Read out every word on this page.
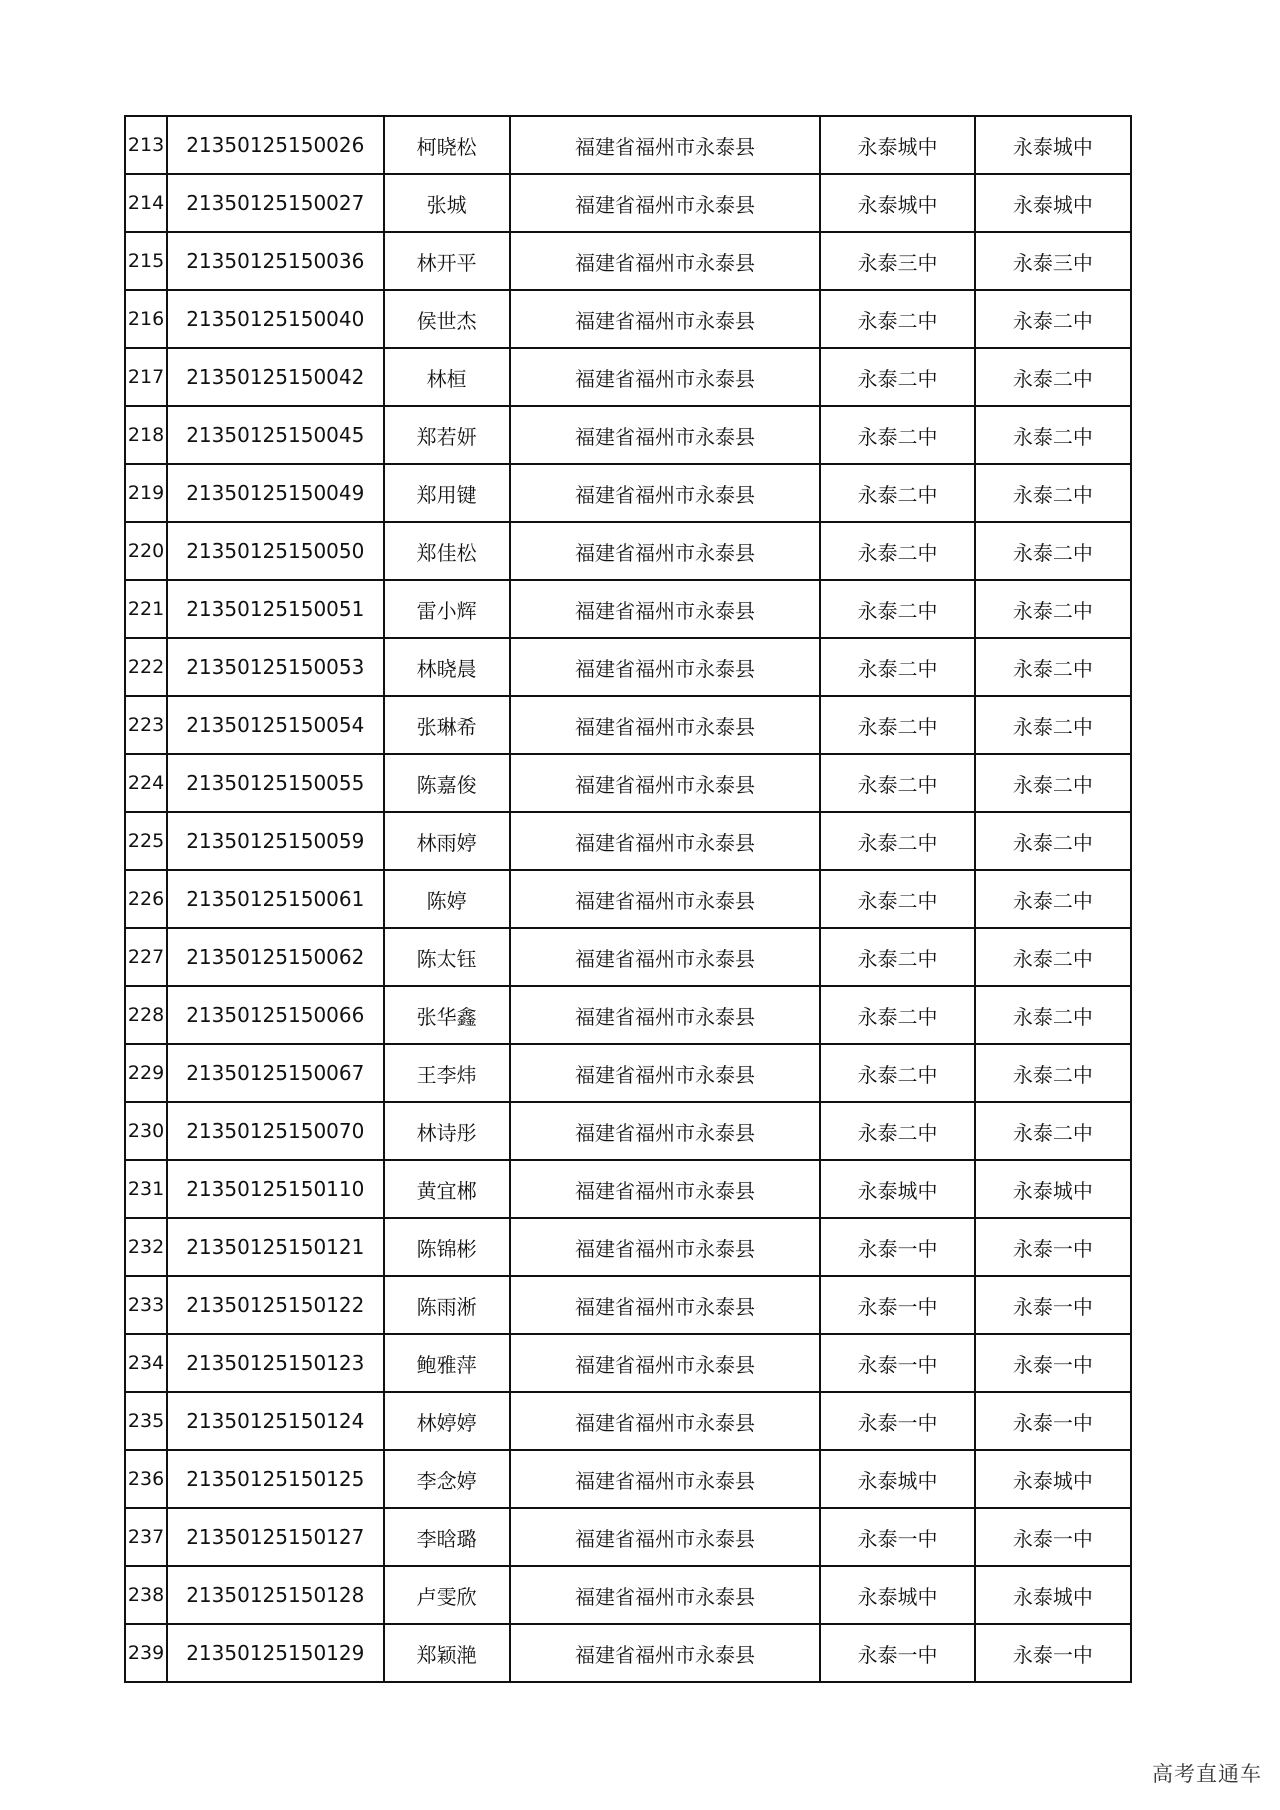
213	21350125150026	柯晓松	福建省福州市永泰县	永泰城中	永泰城中
214	21350125150027	张城	福建省福州市永泰县	永泰城中	永泰城中
215	21350125150036	林开平	福建省福州市永泰县	永泰三中	永泰三中
216	21350125150040	侯世杰	福建省福州市永泰县	永泰二中	永泰二中
217	21350125150042	林桓	福建省福州市永泰县	永泰二中	永泰二中
218	21350125150045	郑若妍	福建省福州市永泰县	永泰二中	永泰二中
219	21350125150049	郑用键	福建省福州市永泰县	永泰二中	永泰二中
220	21350125150050	郑佳松	福建省福州市永泰县	永泰二中	永泰二中
221	21350125150051	雷小辉	福建省福州市永泰县	永泰二中	永泰二中
222	21350125150053	林晓晨	福建省福州市永泰县	永泰二中	永泰二中
223	21350125150054	张琳希	福建省福州市永泰县	永泰二中	永泰二中
224	21350125150055	陈嘉俊	福建省福州市永泰县	永泰二中	永泰二中
225	21350125150059	林雨婷	福建省福州市永泰县	永泰二中	永泰二中
226	21350125150061	陈婷	福建省福州市永泰县	永泰二中	永泰二中
227	21350125150062	陈太钰	福建省福州市永泰县	永泰二中	永泰二中
228	21350125150066	张华鑫	福建省福州市永泰县	永泰二中	永泰二中
229	21350125150067	王李炜	福建省福州市永泰县	永泰二中	永泰二中
230	21350125150070	林诗彤	福建省福州市永泰县	永泰二中	永泰二中
231	21350125150110	黄宜郴	福建省福州市永泰县	永泰城中	永泰城中
232	21350125150121	陈锦彬	福建省福州市永泰县	永泰一中	永泰一中
233	21350125150122	陈雨淅	福建省福州市永泰县	永泰一中	永泰一中
234	21350125150123	鲍雅萍	福建省福州市永泰县	永泰一中	永泰一中
235	21350125150124	林婷婷	福建省福州市永泰县	永泰一中	永泰一中
236	21350125150125	李念婷	福建省福州市永泰县	永泰城中	永泰城中
237	21350125150127	李晗璐	福建省福州市永泰县	永泰一中	永泰一中
238	21350125150128	卢雯欣	福建省福州市永泰县	永泰城中	永泰城中
239	21350125150129	郑颖滟	福建省福州市永泰县	永泰一中	永泰一中
高考直通车
